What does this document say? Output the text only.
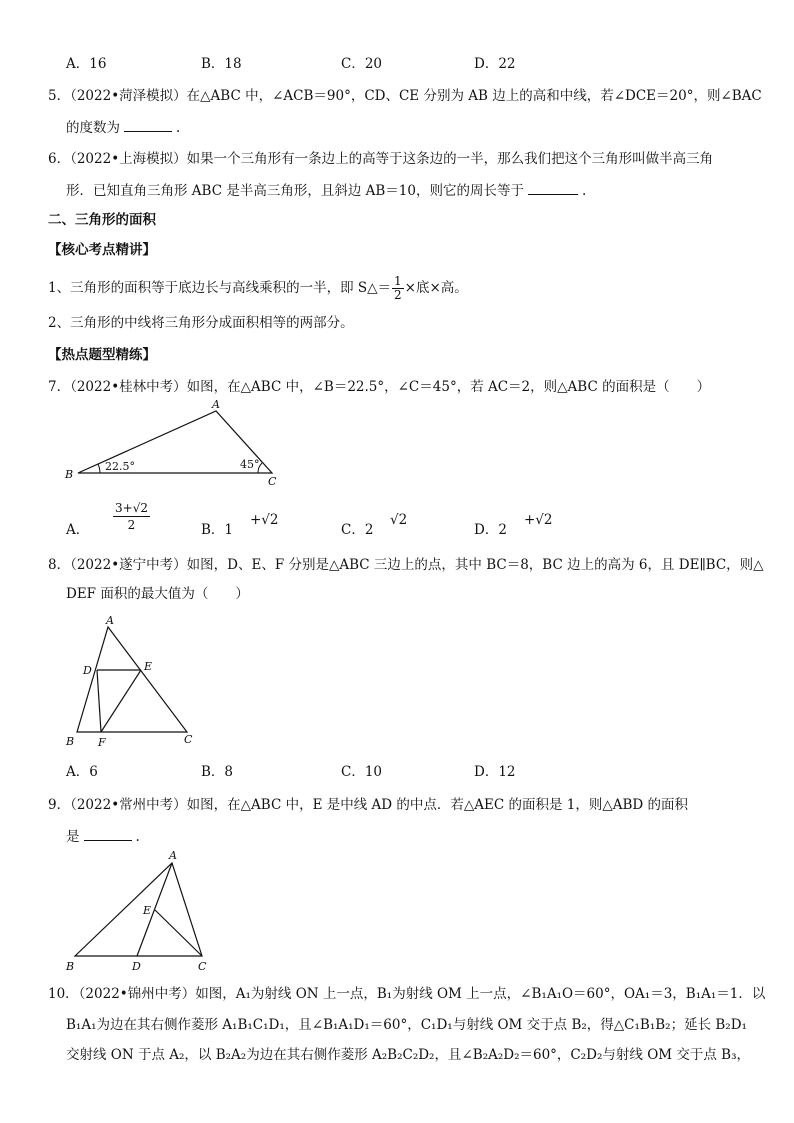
A．16	B．18	C．20	D．22
5．（2022•菏泽模拟）在△ABC 中，∠ACB＝90°，CD、CE 分别为 AB 边上的高和中线，若∠DCE＝20°，则∠BAC
的度数为	.
6．（2022•上海模拟）如果一个三角形有一条边上的高等于这条边的一半，那么我们把这个三角形叫做半高三角
形．已知直角三角形 ABC 是半高三角形，且斜边 AB＝10，则它的周长等于	.
二、三角形的面积
【核心考点精讲】
1、三角形的面积等于底边长与高线乘积的一半，即 S△＝ $\frac{1}{2}$ ×底×高。
2、三角形的中线将三角形分成面积相等的两部分。
【热点题型精练】
7．（2022•桂林中考）如图，在△ABC 中，∠B＝22.5°，∠C＝45°，若 AC＝2，则△ABC 的面积是（　　）
A
B
C
22.5°	45°
A． $\frac{3+√2}{2}$	B．1
+√2
C．2
√2
D．2
+√2
8．（2022•遂宁中考）如图，D、E、F 分别是△ABC 三边上的点，其中 BC＝8，BC 边上的高为 6，且 DE∥BC，则△
DEF 面积的最大值为（　　）
A
B	C
D	E
F
A．6	B．8	C．10	D．12
9．（2022•常州中考）如图，在△ABC 中，E 是中线 AD 的中点．若△AEC 的面积是 1，则△ABD 的面积
是	.
A
B	C
D
E
10．（2022•锦州中考）如图，A₁为射线 ON 上一点，B₁为射线 OM 上一点，∠B₁A₁O＝60°，OA₁＝3，B₁A₁＝1．以
B₁A₁为边在其右侧作菱形 A₁B₁C₁D₁，且∠B₁A₁D₁＝60°，C₁D₁与射线 OM 交于点 B₂，得△C₁B₁B₂；延长 B₂D₁
交射线 ON 于点 A₂，以 B₂A₂为边在其右侧作菱形 A₂B₂C₂D₂，且∠B₂A₂D₂＝60°，C₂D₂与射线 OM 交于点 B₃，
